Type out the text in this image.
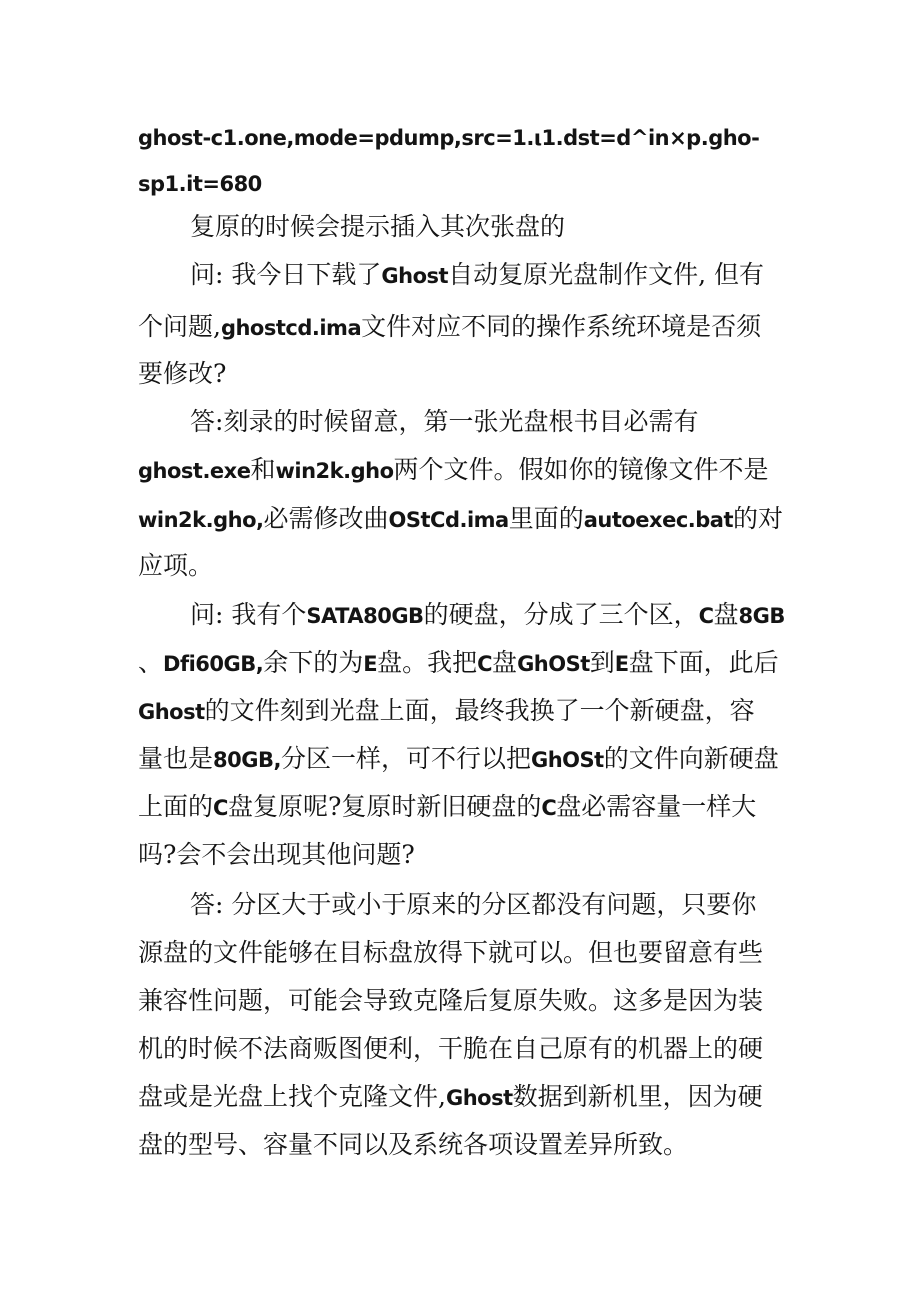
ghost-c1.one,mode=pdump,src=1.ι1.dst=d^in×p.gho-
sp1.it=680
复原的时候会提示插入其次张盘的
问: 我今日下载了Ghost自动复原光盘制作文件, 但有
个问题,ghostcd.ima文件对应不同的操作系统环境是否须
要修改?
答:刻录的时候留意，第一张光盘根书目必需有
ghost.exe和win2k.gho两个文件。假如你的镜像文件不是
win2k.gho,必需修改曲OStCd.ima里面的autoexec.bat的对
应项。
问: 我有个SATA80GB的硬盘，分成了三个区，C盘8GB
、Dfi60GB,余下的为E盘。我把C盘GhOSt到E盘下面，此后
Ghost的文件刻到光盘上面，最终我换了一个新硬盘，容
量也是80GB,分区一样，可不行以把GhOSt的文件向新硬盘
上面的C盘复原呢?复原时新旧硬盘的C盘必需容量一样大
吗?会不会出现其他问题?
答: 分区大于或小于原来的分区都没有问题，只要你
源盘的文件能够在目标盘放得下就可以。但也要留意有些
兼容性问题，可能会导致克隆后复原失败。这多是因为装
机的时候不法商贩图便利，干脆在自己原有的机器上的硬
盘或是光盘上找个克隆文件,Ghost数据到新机里，因为硬
盘的型号、容量不同以及系统各项设置差异所致。
